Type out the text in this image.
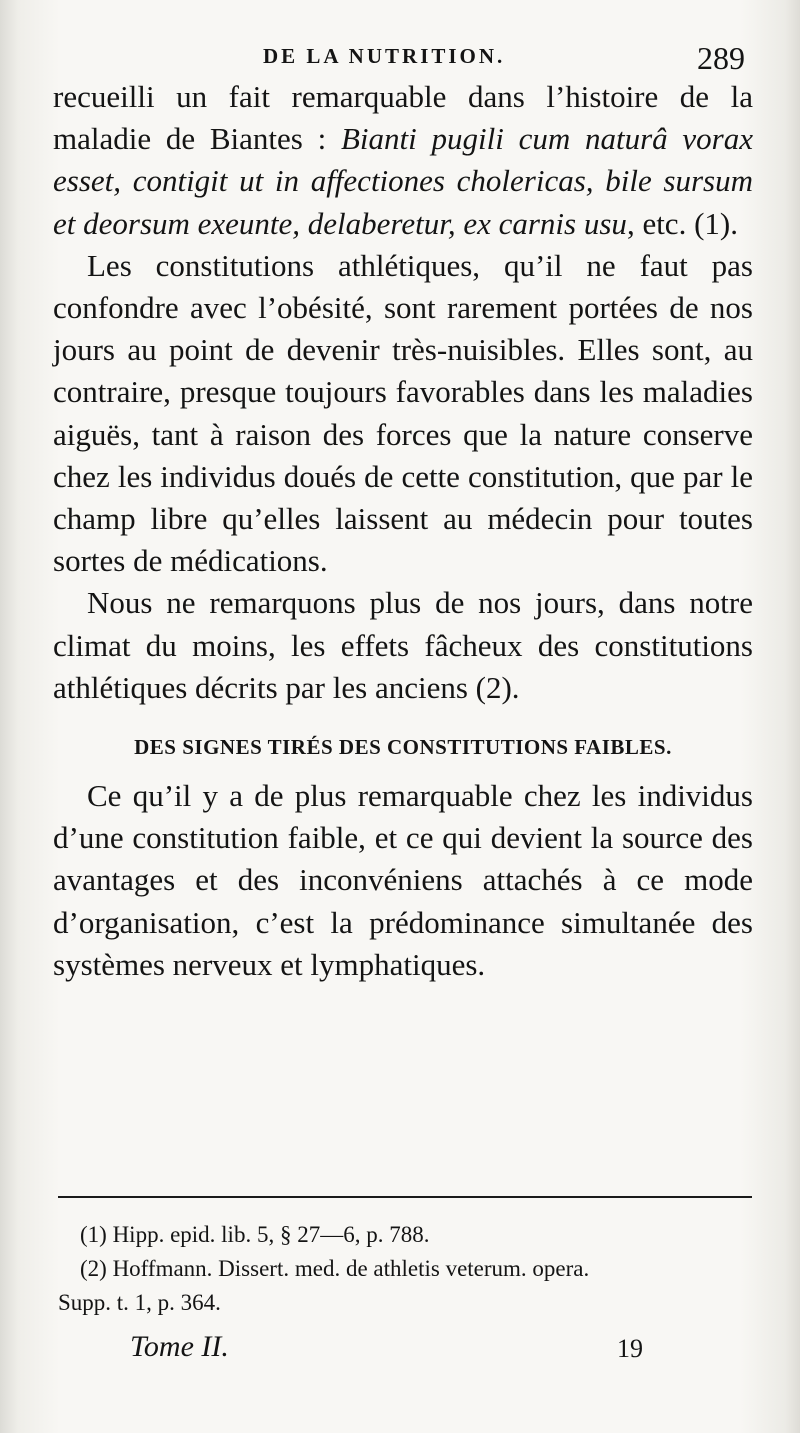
DE LA NUTRITION.	289

recueilli un fait remarquable dans l’histoire de la maladie de Biantes : Bianti pugili cum naturâ vorax esset, contigit ut in affectiones cholericas, bile sursum et deorsum exeunte, delaberetur, ex carnis usu, etc. (1).

Les constitutions athlétiques, qu’il ne faut pas confondre avec l’obésité, sont rarement portées de nos jours au point de devenir très-nuisibles. Elles sont, au contraire, presque toujours favorables dans les maladies aiguës, tant à raison des forces que la nature conserve chez les individus doués de cette constitution, que par le champ libre qu’elles laissent au médecin pour toutes sortes de médications.

Nous ne remarquons plus de nos jours, dans notre climat du moins, les effets fâcheux des constitutions athlétiques décrits par les anciens (2).

DES SIGNES TIRÉS DES CONSTITUTIONS FAIBLES.

Ce qu’il y a de plus remarquable chez les individus d’une constitution faible, et ce qui devient la source des avantages et des inconvéniens attachés à ce mode d’organisation, c’est la prédominance simultanée des systèmes nerveux et lymphatiques.

(1) Hipp. epid. lib. 5, § 27—6, p. 788.

(2) Hoffmann. Dissert. med. de athletis veterum. opera.

Supp. t. 1, p. 364.

Tome II.	19
